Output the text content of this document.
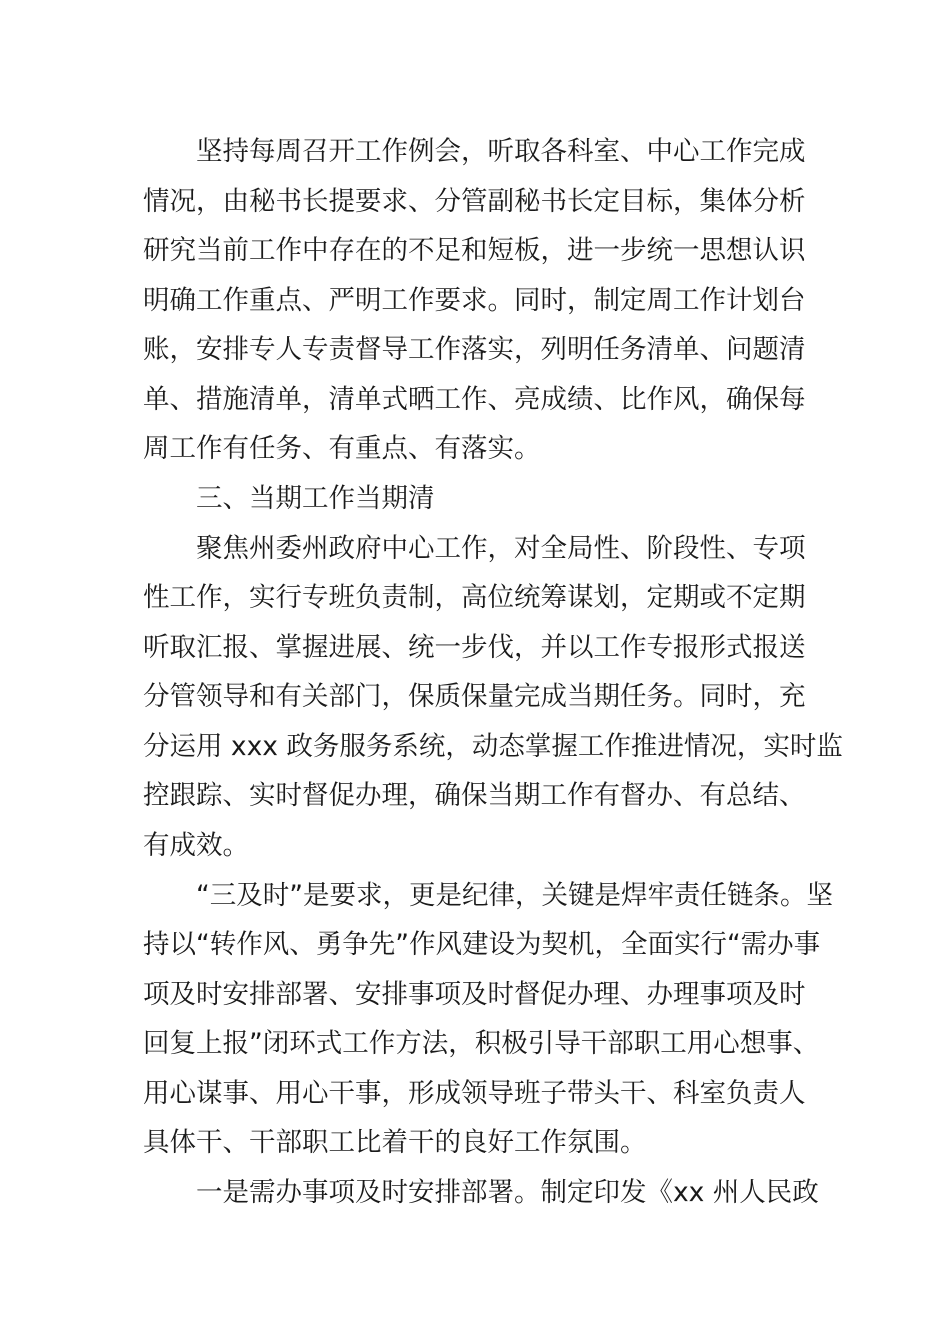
坚持每周召开工作例会，听取各科室、中心工作完成

情况，由秘书长提要求、分管副秘书长定目标，集体分析

研究当前工作中存在的不足和短板，进一步统一思想认识

明确工作重点、严明工作要求。同时，制定周工作计划台

账，安排专人专责督导工作落实，列明任务清单、问题清

单、措施清单，清单式晒工作、亮成绩、比作风，确保每

周工作有任务、有重点、有落实。

三、当期工作当期清

聚焦州委州政府中心工作，对全局性、阶段性、专项

性工作，实行专班负责制，高位统筹谋划，定期或不定期

听取汇报、掌握进展、统一步伐，并以工作专报形式报送

分管领导和有关部门，保质保量完成当期任务。同时，充

分运用 xxx 政务服务系统，动态掌握工作推进情况，实时监

控跟踪、实时督促办理，确保当期工作有督办、有总结、

有成效。

“三及时”是要求，更是纪律，关键是焊牢责任链条。坚

持以“转作风、勇争先”作风建设为契机，全面实行“需办事

项及时安排部署、安排事项及时督促办理、办理事项及时

回复上报”闭环式工作方法，积极引导干部职工用心想事、

用心谋事、用心干事，形成领导班子带头干、科室负责人

具体干、干部职工比着干的良好工作氛围。

一是需办事项及时安排部署。制定印发《xx 州人民政
